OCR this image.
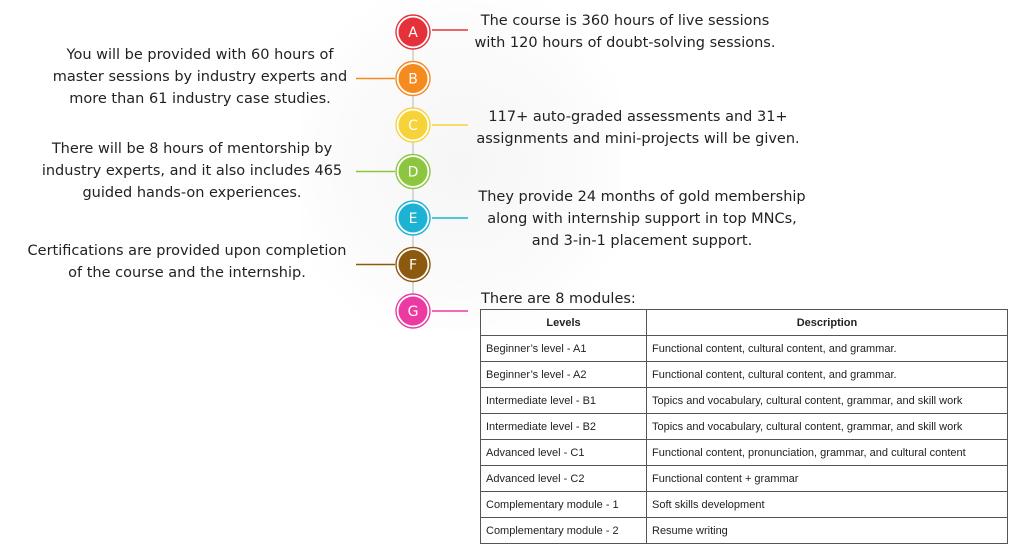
A
B
C
D
E
F
G
The course is 360 hours of live sessions
with 120 hours of doubt-solving sessions.
You will be provided with 60 hours of
master sessions by industry experts and
more than 61 industry case studies.
117+ auto-graded assessments and 31+
assignments and mini-projects will be given.
There will be 8 hours of mentorship by
industry experts, and it also includes 465
guided hands-on experiences.	They provide 24 months of gold membership
along with internship support in top MNCs,
and 3-in-1 placement support.
Certifications are provided upon completion
of the course and the internship.
There are 8 modules:
Levels	Description
Beginner’s level - A1	Functional content, cultural content, and grammar.
Beginner’s level - A2	Functional content, cultural content, and grammar.
Intermediate level - B1	Topics and vocabulary, cultural content, grammar, and skill work
Intermediate level - B2	Topics and vocabulary, cultural content, grammar, and skill work
Advanced level - C1	Functional content, pronunciation, grammar, and cultural content
Advanced level - C2	Functional content + grammar
Complementary module - 1	Soft skills development
Complementary module - 2	Resume writing
